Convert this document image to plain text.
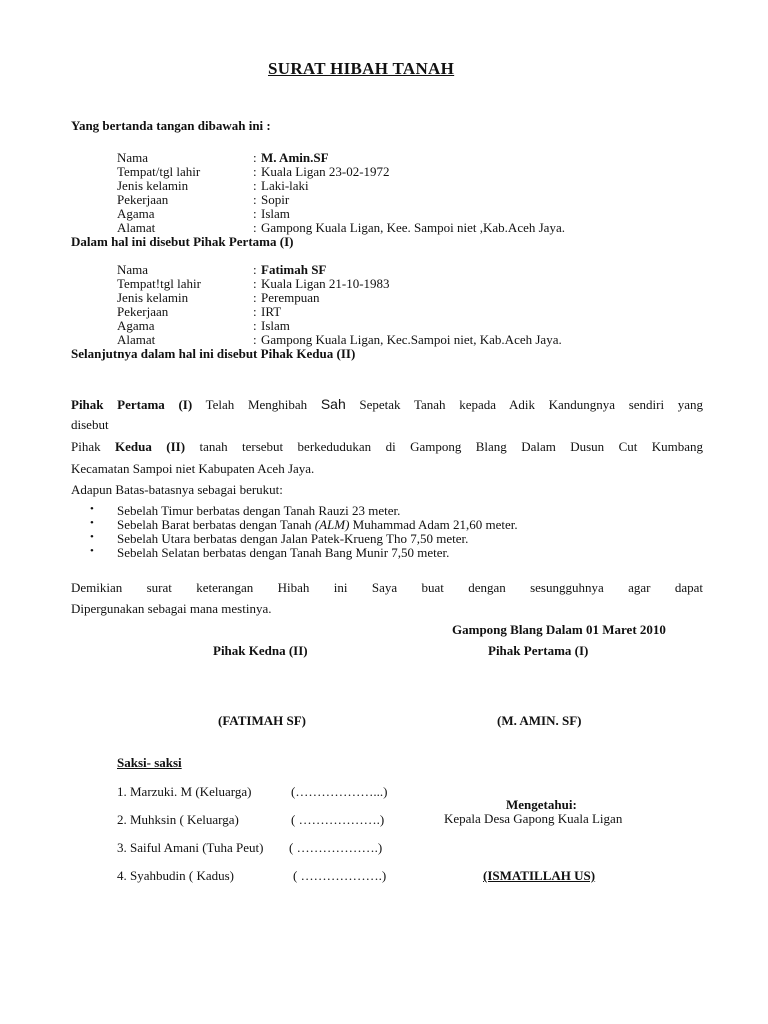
SURAT HIBAH TANAH
Yang bertanda tangan dibawah ini :
Nama	: M. Amin.SF
Tempat/tgl lahir	: Kuala Ligan 23-02-1972
Jenis kelamin	: Laki-laki
Pekerjaan	: Sopir
Agama	: Islam
Alamat	: Gampong Kuala Ligan, Kee. Sampoi niet ,Kab.Aceh Jaya.
Dalam hal ini disebut Pihak Pertama (I)
Nama	: Fatimah SF
Tempat!tgl lahir	: Kuala Ligan 21-10-1983
Jenis kelamin	: Perempuan
Pekerjaan	: IRT
Agama	: Islam
Alamat	: Gampong Kuala Ligan, Kec.Sampoi niet, Kab.Aceh Jaya.
Selanjutnya dalam hal ini disebut Pihak Kedua (II)
Pihak Pertama (I) Telah Menghibah Sah Sepetak Tanah kepada Adik Kandungnya sendiri yang
disebut
Pihak Kedua (II) tanah tersebut berkedudukan di Gampong Blang Dalam Dusun Cut Kumbang
Kecamatan Sampoi niet Kabupaten Aceh Jaya.
Adapun Batas-batasnya sebagai berukut:
• Sebelah Timur berbatas dengan Tanah Rauzi 23 meter.
• Sebelah Barat berbatas dengan Tanah (ALM) Muhammad Adam 21,60 meter.
• Sebelah Utara berbatas dengan Jalan Patek-Krueng Tho 7,50 meter.
• Sebelah Selatan berbatas dengan Tanah Bang Munir 7,50 meter.
Demikian surat keterangan Hibah ini Saya buat dengan sesungguhnya agar dapat
Dipergunakan sebagai mana mestinya.
Gampong Blang Dalam 01 Maret 2010
Pihak Kedna (II)	Pihak Pertama (I)
(FATIMAH SF)	(M. AMIN. SF)
Saksi- saksi
1. Marzuki. M (Keluarga)	(………………...)
2. Muhksin ( Keluarga)	( ……………….)
3. Saiful Amani (Tuha Peut) ( ……………….)
4. Syahbudin ( Kadus)	( ……………….)
Mengetahui:
Kepala Desa Gapong Kuala Ligan
(ISMATILLAH US)
